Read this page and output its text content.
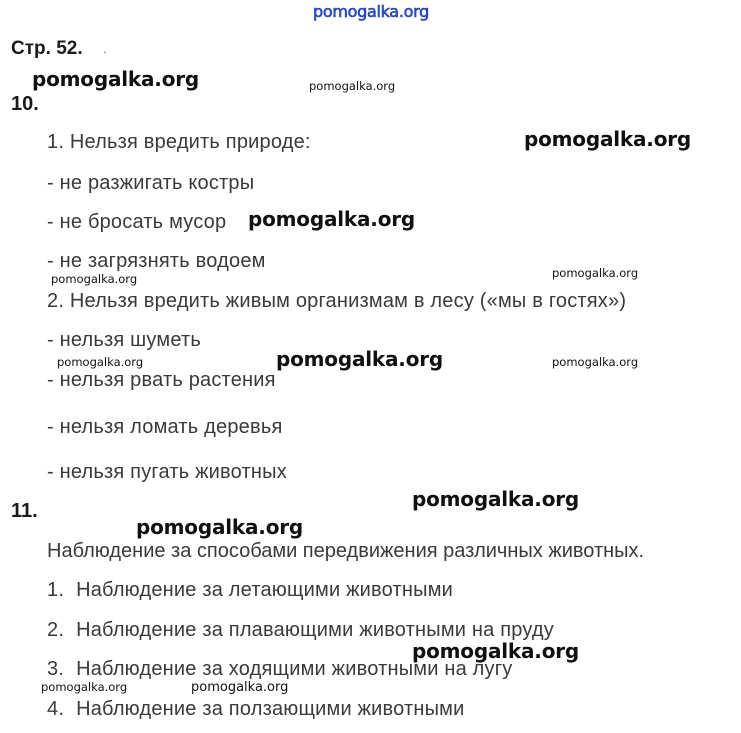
pomogalka.org
Стр. 52. .
10.
1. Нельзя вредить природе:
- не разжигать костры
- не бросать мусор
- не загрязнять водоем
2. Нельзя вредить живым организмам в лесу («мы в гостях»)
- нельзя шуметь
- нельзя рвать растения
- нельзя ломать деревья
- нельзя пугать животных
11.
Наблюдение за способами передвижения различных животных.
1. Наблюдение за летающими животными
2. Наблюдение за плавающими животными на пруду
3. Наблюдение за ходящими животными на лугу
4. Наблюдение за ползающими животными
pomogalka.org	pomogalka.org
pomogalka.org
pomogalka.org
pomogalka.org	pomogalka.org
pomogalka.org	pomogalka.org	pomogalka.org
pomogalka.org
pomogalka.org
pomogalka.org
pomogalka.org	pomogalka.org
